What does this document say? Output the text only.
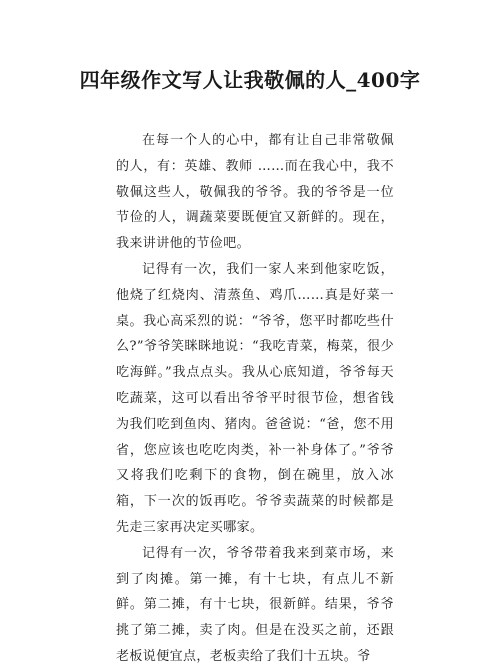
四年级作文写人让我敬佩的人_400字

在每一个人的心中，都有让自己非常敬佩的人，有：英雄、教师 ……而在我心中，我不敬佩这些人，敬佩我的爷爷。我的爷爷是一位节俭的人，调蔬菜要既便宜又新鲜的。现在，我来讲讲他的节俭吧。

记得有一次，我们一家人来到他家吃饭，他烧了红烧肉、清蒸鱼、鸡爪……真是好菜一桌。我心高采烈的说：“爷爷，您平时都吃些什么?”爷爷笑眯眯地说：“我吃青菜，梅菜，很少吃海鲜。”我点点头。我从心底知道，爷爷每天吃蔬菜，这可以看出爷爷平时很节俭，想省钱为我们吃到鱼肉、猪肉。爸爸说：“爸，您不用省，您应该也吃吃肉类，补一补身体了。”爷爷又将我们吃剩下的食物，倒在碗里，放入冰箱，下一次的饭再吃。爷爷卖蔬菜的时候都是先走三家再决定买哪家。

记得有一次，爷爷带着我来到菜市场，来到了肉摊。第一摊，有十七块，有点儿不新鲜。第二摊，有十七块，很新鲜。结果，爷爷挑了第二摊，卖了肉。但是在没买之前，还跟老板说便宜点，老板卖给了我们十五块。爷
